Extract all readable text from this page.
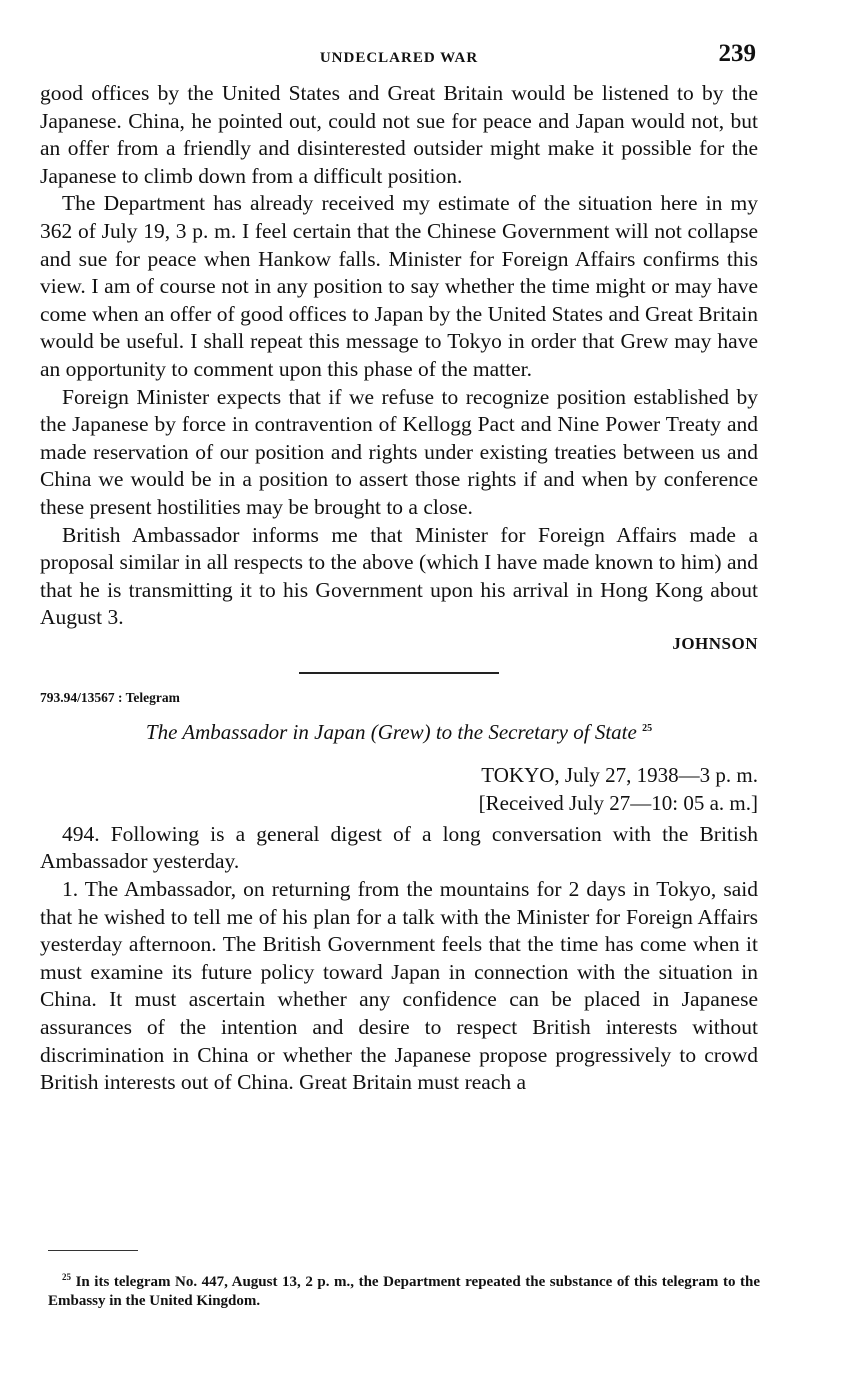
UNDECLARED WAR	239

good offices by the United States and Great Britain would be listened to by the Japanese. China, he pointed out, could not sue for peace and Japan would not, but an offer from a friendly and disinterested outsider might make it possible for the Japanese to climb down from a difficult position.

The Department has already received my estimate of the situation here in my 362 of July 19, 3 p. m. I feel certain that the Chinese Government will not collapse and sue for peace when Hankow falls. Minister for Foreign Affairs confirms this view. I am of course not in any position to say whether the time might or may have come when an offer of good offices to Japan by the United States and Great Britain would be useful. I shall repeat this message to Tokyo in order that Grew may have an opportunity to comment upon this phase of the matter.

Foreign Minister expects that if we refuse to recognize position established by the Japanese by force in contravention of Kellogg Pact and Nine Power Treaty and made reservation of our position and rights under existing treaties between us and China we would be in a position to assert those rights if and when by conference these present hostilities may be brought to a close.

British Ambassador informs me that Minister for Foreign Affairs made a proposal similar in all respects to the above (which I have made known to him) and that he is transmitting it to his Government upon his arrival in Hong Kong about August 3.

JOHNSON
793.94/13567 : Telegram
The Ambassador in Japan (Grew) to the Secretary of State $^{25}$
TOKYO, July 27, 1938—3 p. m.
[Received July 27—10: 05 a. m.]

494. Following is a general digest of a long conversation with the British Ambassador yesterday.

1. The Ambassador, on returning from the mountains for 2 days in Tokyo, said that he wished to tell me of his plan for a talk with the Minister for Foreign Affairs yesterday afternoon. The British Government feels that the time has come when it must examine its future policy toward Japan in connection with the situation in China. It must ascertain whether any confidence can be placed in Japanese assurances of the intention and desire to respect British interests without discrimination in China or whether the Japanese propose progressively to crowd British interests out of China. Great Britain must reach a

$^{25}$ In its telegram No. 447, August 13, 2 p. m., the Department repeated the substance of this telegram to the Embassy in the United Kingdom.
